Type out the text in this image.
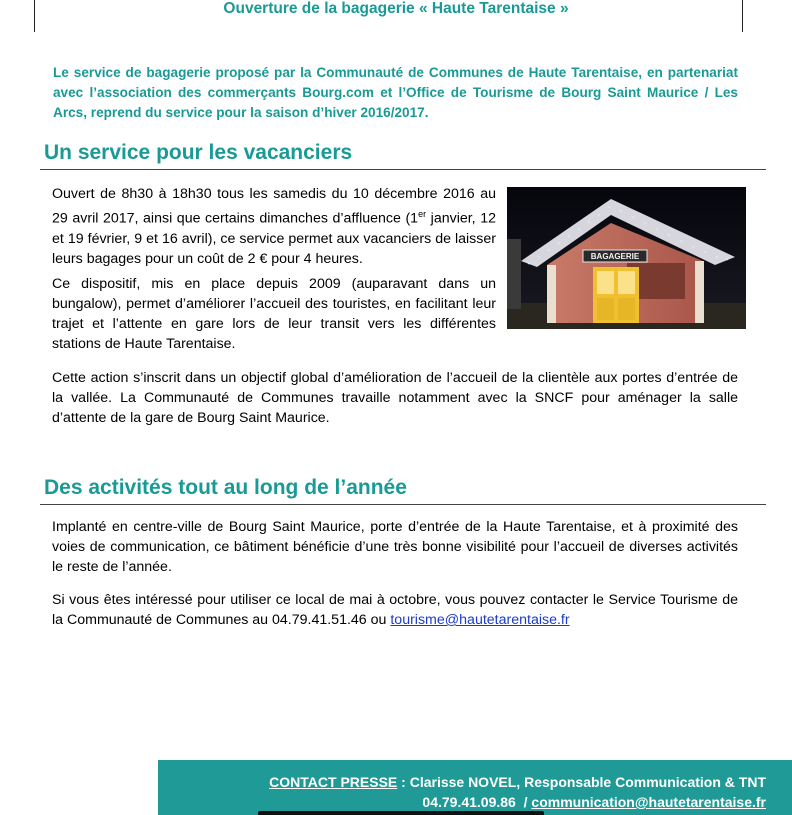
Ouverture de la bagagerie « Haute Tarentaise »
Le service de bagagerie proposé par la Communauté de Communes de Haute Tarentaise, en partenariat avec l’association des commerçants Bourg.com et l’Office de Tourisme de Bourg Saint Maurice / Les Arcs, reprend du service pour la saison d’hiver 2016/2017.
Un service pour les vacanciers
Ouvert de 8h30 à 18h30 tous les samedis du 10 décembre 2016 au 29 avril 2017, ainsi que certains dimanches d’affluence (1er janvier, 12 et 19 février, 9 et 16 avril), ce service permet aux vacanciers de laisser leurs bagages pour un coût de 2 € pour 4 heures.
Ce dispositif, mis en place depuis 2009 (auparavant dans un bungalow), permet d’améliorer l’accueil des touristes, en facilitant leur trajet et l’attente en gare lors de leur transit vers les différentes stations de Haute Tarentaise.
BAGAGERIE
Cette action s’inscrit dans un objectif global d’amélioration de l’accueil de la clientèle aux portes d’entrée de la vallée. La Communauté de Communes travaille notamment avec la SNCF pour aménager la salle d’attente de la gare de Bourg Saint Maurice.
Des activités tout au long de l’année
Implanté en centre-ville de Bourg Saint Maurice, porte d’entrée de la Haute Tarentaise, et à proximité des voies de communication, ce bâtiment bénéficie d’une très bonne visibilité pour l’accueil de diverses activités le reste de l’année.
Si vous êtes intéressé pour utiliser ce local de mai à octobre, vous pouvez contacter le Service Tourisme de la Communauté de Communes au 04.79.41.51.46 ou tourisme@hautetarentaise.fr
CONTACT PRESSE : Clarisse NOVEL, Responsable Communication & TNT
04.79.41.09.86  / communication@hautetarentaise.fr
